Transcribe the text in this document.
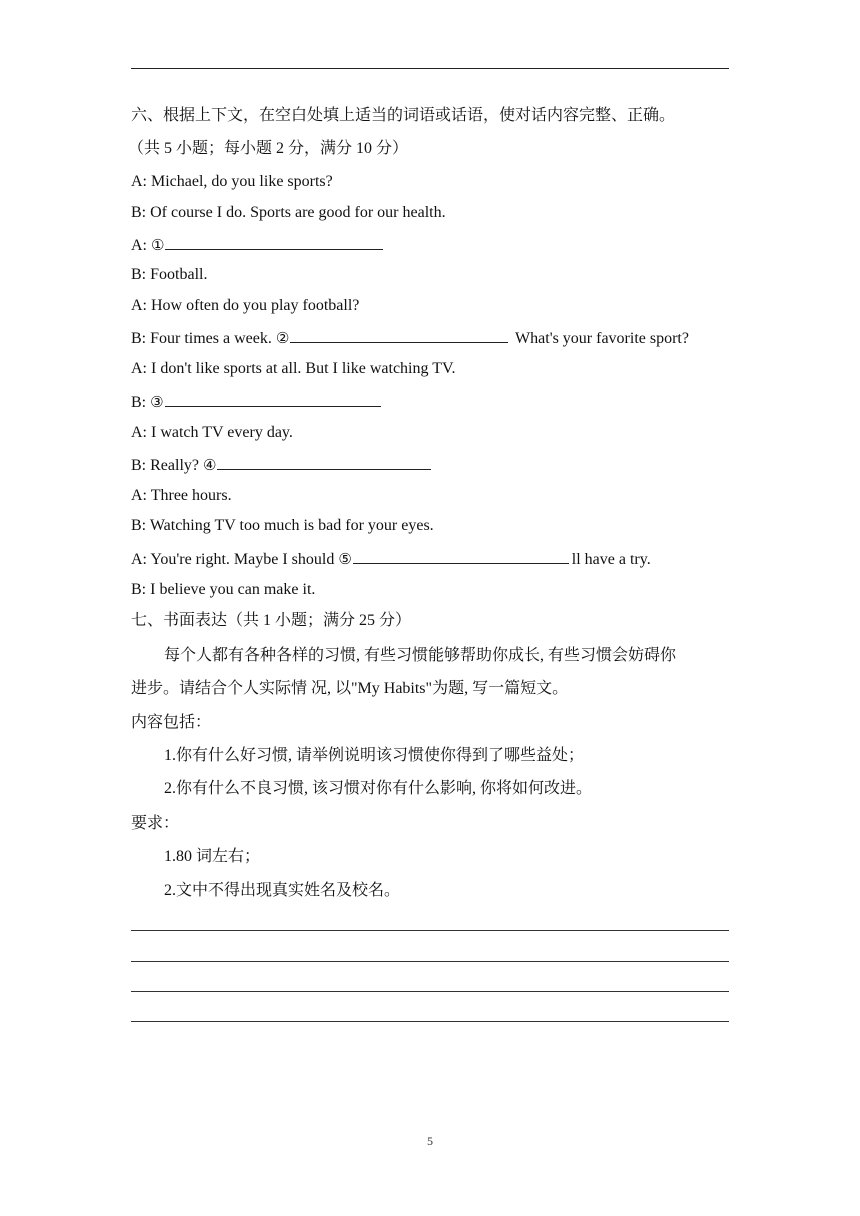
六、根据上下文，在空白处填上适当的词语或话语，使对话内容完整、正确。
（共 5 小题；每小题 2 分，满分 10 分）
A: Michael, do you like sports?
B: Of course I do. Sports are good for our health.
A: ①
B: Football.
A: How often do you play football?
B: Four times a week. ②	What's your favorite sport?
A: I don't like sports at all. But I like watching TV.
B: ③
A: I watch TV every day.
B: Really? ④
A: Three hours.
B: Watching TV too much is bad for your eyes.
A: You're right. Maybe I should ⑤	ll have a try.
B: I believe you can make it.
七、书面表达（共 1 小题；满分 25 分）
每个人都有各种各样的习惯, 有些习惯能够帮助你成长, 有些习惯会妨碍你
进步。请结合个人实际情 况, 以"My Habits"为题, 写一篇短文。
内容包括：
1.你有什么好习惯, 请举例说明该习惯使你得到了哪些益处；
2.你有什么不良习惯, 该习惯对你有什么影响, 你将如何改进。
要求：
1.80 词左右；
2.文中不得出现真实姓名及校名。
5
